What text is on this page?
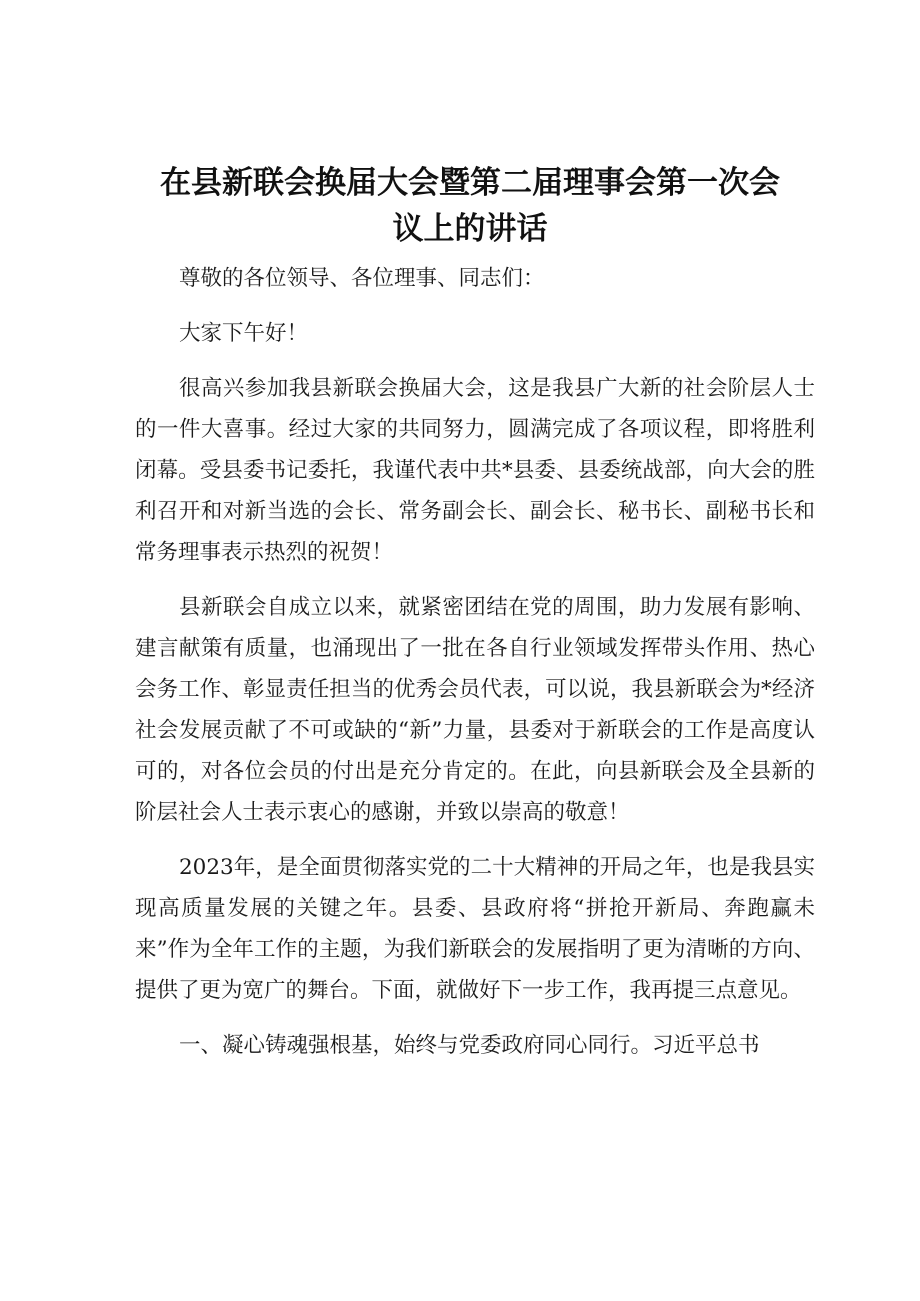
在县新联会换届大会暨第二届理事会第一次会
议上的讲话

尊敬的各位领导、各位理事、同志们：

大家下午好！

很高兴参加我县新联会换届大会，这是我县广大新的社会阶层人士的一件大喜事。经过大家的共同努力，圆满完成了各项议程，即将胜利闭幕。受县委书记委托，我谨代表中共*县委、县委统战部，向大会的胜利召开和对新当选的会长、常务副会长、副会长、秘书长、副秘书长和常务理事表示热烈的祝贺！

县新联会自成立以来，就紧密团结在党的周围，助力发展有影响、建言献策有质量，也涌现出了一批在各自行业领域发挥带头作用、热心会务工作、彰显责任担当的优秀会员代表，可以说，我县新联会为*经济社会发展贡献了不可或缺的“新”力量，县委对于新联会的工作是高度认可的，对各位会员的付出是充分肯定的。在此，向县新联会及全县新的阶层社会人士表示衷心的感谢，并致以崇高的敬意！

2023年，是全面贯彻落实党的二十大精神的开局之年，也是我县实现高质量发展的关键之年。县委、县政府将“拼抢开新局、奔跑赢未来”作为全年工作的主题，为我们新联会的发展指明了更为清晰的方向、提供了更为宽广的舞台。下面，就做好下一步工作，我再提三点意见。

一、凝心铸魂强根基，始终与党委政府同心同行。习近平总书
